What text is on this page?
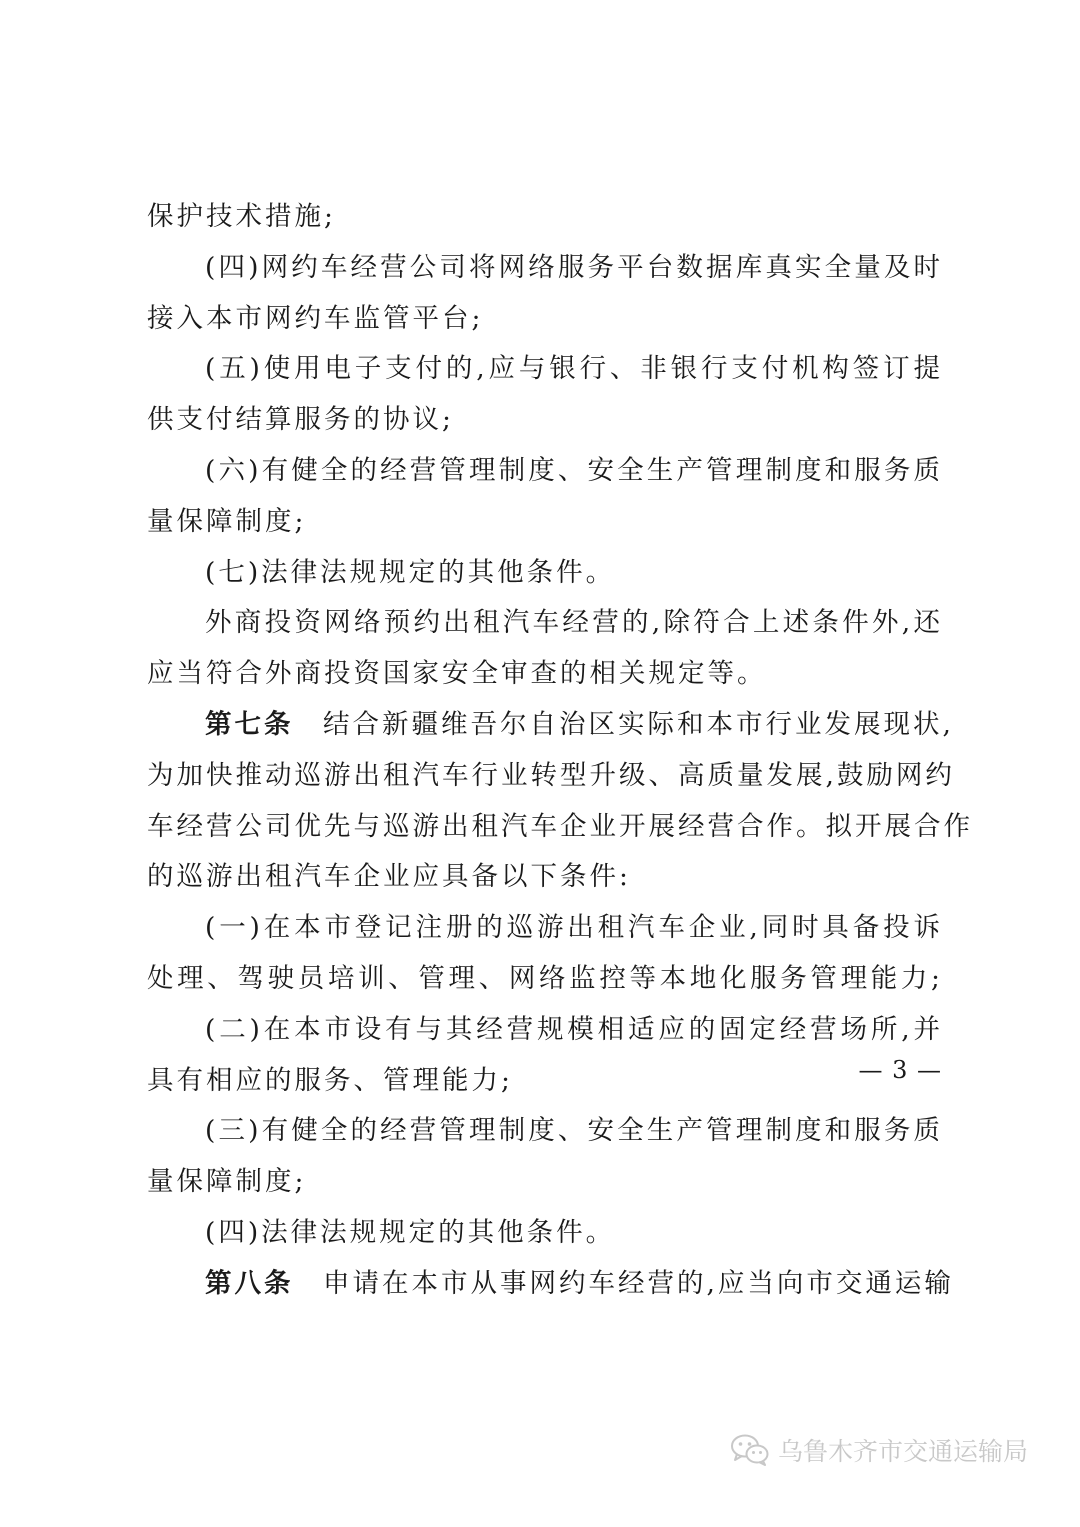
保护技术措施;
(四)网约车经营公司将网络服务平台数据库真实全量及时
接入本市网约车监管平台;
(五)使用电子支付的,应与银行、非银行支付机构签订提
供支付结算服务的协议;
(六)有健全的经营管理制度、安全生产管理制度和服务质
量保障制度;
(七)法律法规规定的其他条件。
外商投资网络预约出租汽车经营的,除符合上述条件外,还
应当符合外商投资国家安全审查的相关规定等。
第七条　结合新疆维吾尔自治区实际和本市行业发展现状,
为加快推动巡游出租汽车行业转型升级、高质量发展,鼓励网约
车经营公司优先与巡游出租汽车企业开展经营合作。拟开展合作
的巡游出租汽车企业应具备以下条件:
(一)在本市登记注册的巡游出租汽车企业,同时具备投诉
处理、驾驶员培训、管理、网络监控等本地化服务管理能力;
(二)在本市设有与其经营规模相适应的固定经营场所,并
具有相应的服务、管理能力;
(三)有健全的经营管理制度、安全生产管理制度和服务质
量保障制度;
(四)法律法规规定的其他条件。
第八条　申请在本市从事网约车经营的,应当向市交通运输
— 3 —
乌鲁木齐市交通运输局
